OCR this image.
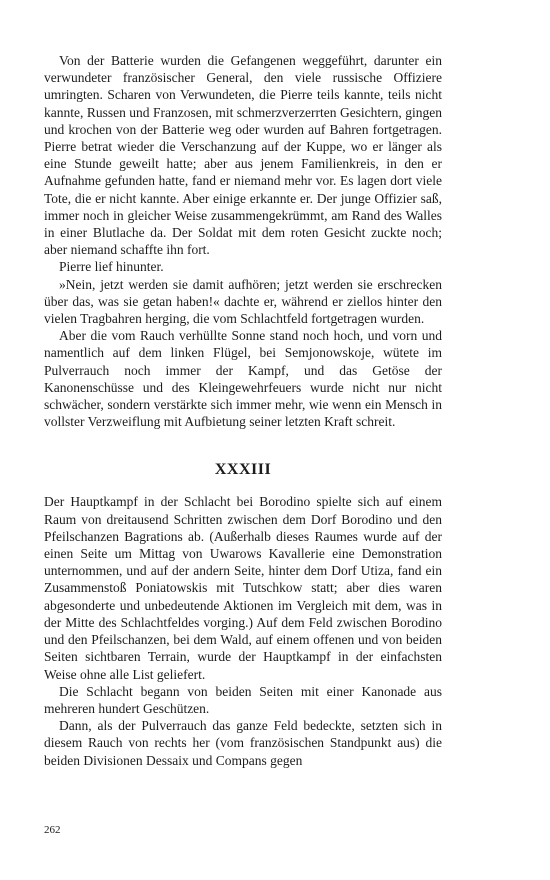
Von der Batterie wurden die Gefangenen weggeführt, darunter ein verwundeter französischer General, den viele russische Offiziere umringten. Scharen von Verwundeten, die Pierre teils kannte, teils nicht kannte, Russen und Franzosen, mit schmerzverzerrten Gesichtern, gingen und krochen von der Batterie weg oder wurden auf Bahren fortgetragen. Pierre betrat wieder die Verschanzung auf der Kuppe, wo er länger als eine Stunde geweilt hatte; aber aus jenem Familienkreis, in den er Aufnahme gefunden hatte, fand er niemand mehr vor. Es lagen dort viele Tote, die er nicht kannte. Aber einige erkannte er. Der junge Offizier saß, immer noch in gleicher Weise zusammengekrümmt, am Rand des Walles in einer Blutlache da. Der Soldat mit dem roten Gesicht zuckte noch; aber niemand schaffte ihn fort.

Pierre lief hinunter.

»Nein, jetzt werden sie damit aufhören; jetzt werden sie erschrecken über das, was sie getan haben!« dachte er, während er ziellos hinter den vielen Tragbahren herging, die vom Schlachtfeld fortgetragen wurden.

Aber die vom Rauch verhüllte Sonne stand noch hoch, und vorn und namentlich auf dem linken Flügel, bei Semjonowskoje, wütete im Pulverrauch noch immer der Kampf, und das Getöse der Kanonenschüsse und des Kleingewehrfeuers wurde nicht nur nicht schwächer, sondern verstärkte sich immer mehr, wie wenn ein Mensch in vollster Verzweiflung mit Aufbietung seiner letzten Kraft schreit.

XXXIII

Der Hauptkampf in der Schlacht bei Borodino spielte sich auf einem Raum von dreitausend Schritten zwischen dem Dorf Borodino und den Pfeilschanzen Bagrations ab. (Außerhalb dieses Raumes wurde auf der einen Seite um Mittag von Uwarows Kavallerie eine Demonstration unternommen, und auf der andern Seite, hinter dem Dorf Utiza, fand ein Zusammenstoß Poniatowskis mit Tutschkow statt; aber dies waren abgesonderte und unbedeutende Aktionen im Vergleich mit dem, was in der Mitte des Schlachtfeldes vorging.) Auf dem Feld zwischen Borodino und den Pfeilschanzen, bei dem Wald, auf einem offenen und von beiden Seiten sichtbaren Terrain, wurde der Hauptkampf in der einfachsten Weise ohne alle List geliefert.

Die Schlacht begann von beiden Seiten mit einer Kanonade aus mehreren hundert Geschützen.

Dann, als der Pulverrauch das ganze Feld bedeckte, setzten sich in diesem Rauch von rechts her (vom französischen Standpunkt aus) die beiden Divisionen Dessaix und Compans gegen

262
